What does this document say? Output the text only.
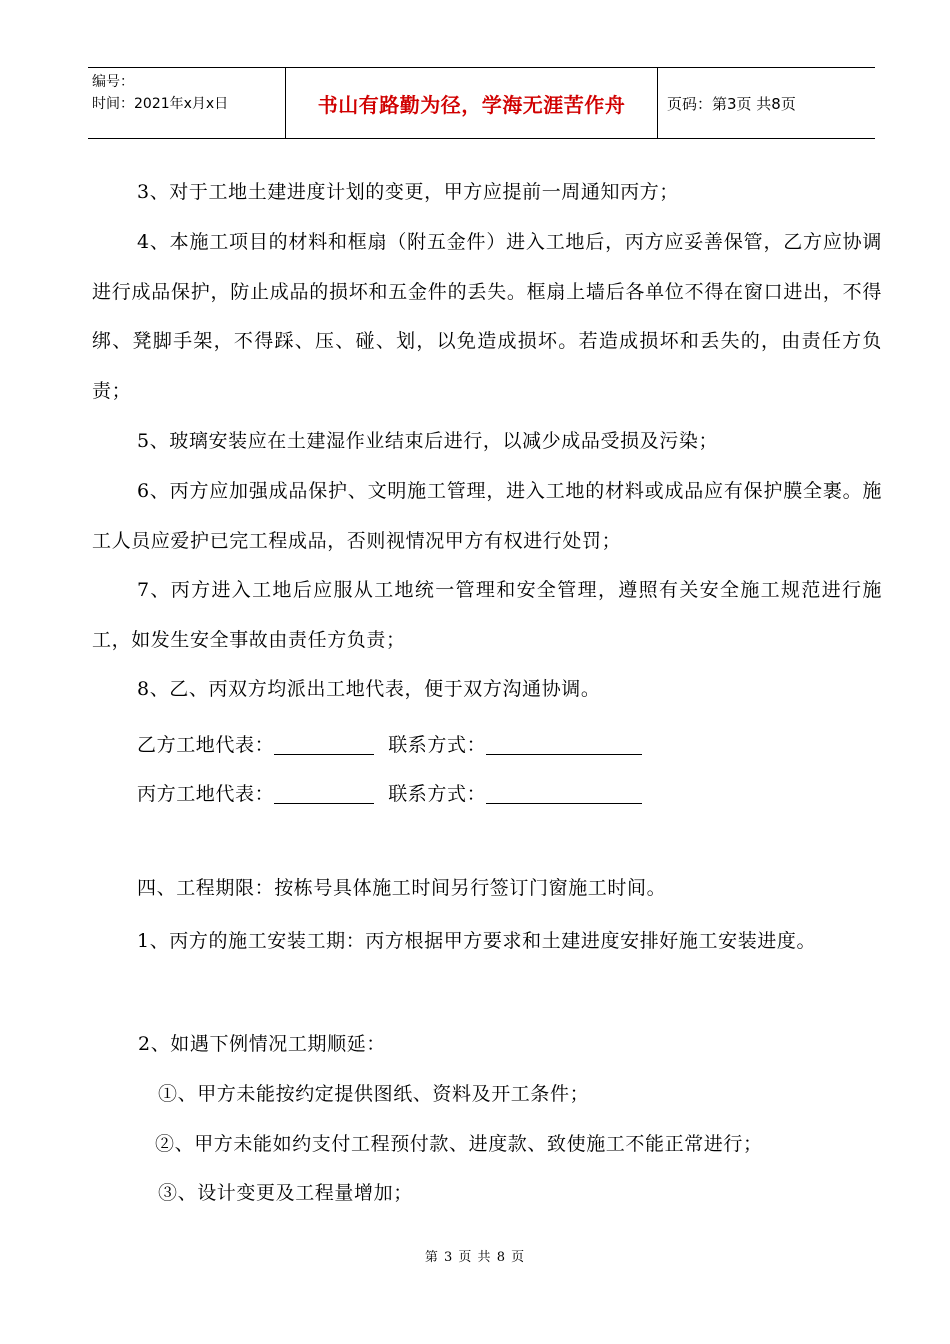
编号：
时间：2021年x月x日	书山有路勤为径，学海无涯苦作舟	页码：第3页 共8页

3、对于工地土建进度计划的变更，甲方应提前一周通知丙方；

4、本施工项目的材料和框扇（附五金件）进入工地后，丙方应妥善保管，乙方应协调进行成品保护，防止成品的损坏和五金件的丢失。框扇上墙后各单位不得在窗口进出，不得绑、凳脚手架，不得踩、压、碰、划，以免造成损坏。若造成损坏和丢失的，由责任方负责；

5、玻璃安装应在土建湿作业结束后进行，以减少成品受损及污染；

6、丙方应加强成品保护、文明施工管理，进入工地的材料或成品应有保护膜全裹。施工人员应爱护已完工程成品，否则视情况甲方有权进行处罚；

7、丙方进入工地后应服从工地统一管理和安全管理，遵照有关安全施工规范进行施工，如发生安全事故由责任方负责；

8、乙、丙双方均派出工地代表，便于双方沟通协调。

乙方工地代表：	联系方式：
丙方工地代表：	联系方式：

四、工程期限：按栋号具体施工时间另行签订门窗施工时间。

1、丙方的施工安装工期：丙方根据甲方要求和土建进度安排好施工安装进度。

2、如遇下例情况工期顺延：
①、甲方未能按约定提供图纸、资料及开工条件；
②、甲方未能如约支付工程预付款、进度款、致使施工不能正常进行；
③、设计变更及工程量增加；
第 3 页 共 8 页
